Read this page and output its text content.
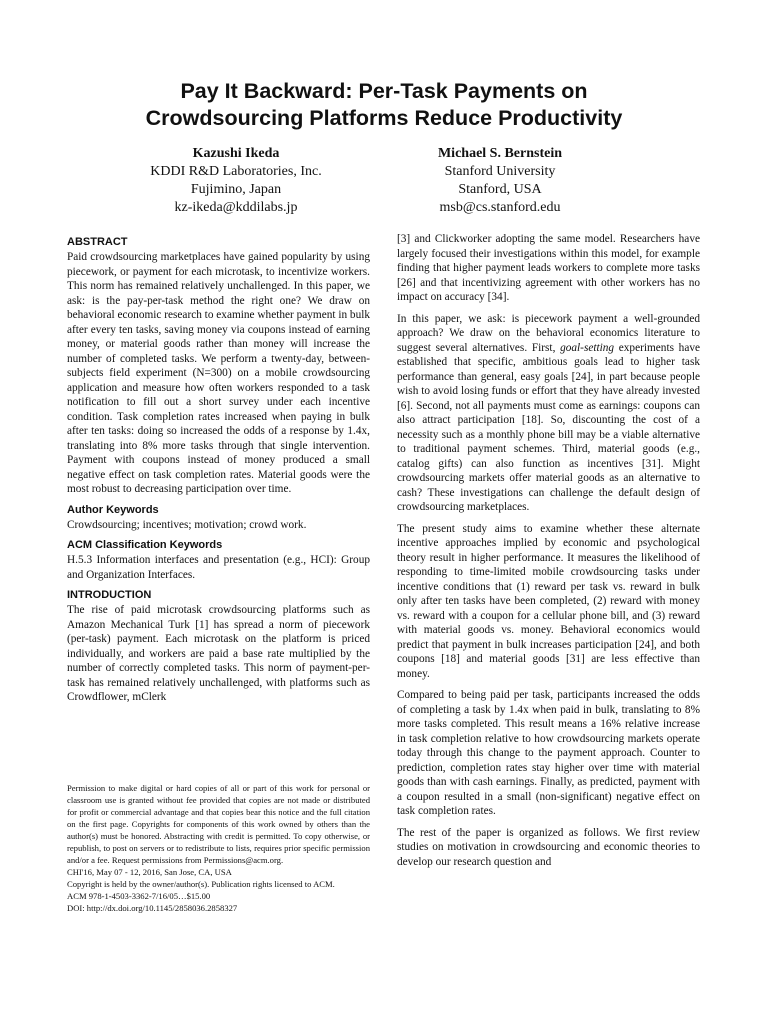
Pay It Backward: Per-Task Payments on
Crowdsourcing Platforms Reduce Productivity
Kazushi Ikeda
KDDI R&D Laboratories, Inc.
Fujimino, Japan
kz-ikeda@kddilabs.jp
Michael S. Bernstein
Stanford University
Stanford, USA
msb@cs.stanford.edu
ABSTRACT

Paid crowdsourcing marketplaces have gained popularity by using piecework, or payment for each microtask, to incentivize workers. This norm has remained relatively unchallenged. In this paper, we ask: is the pay-per-task method the right one? We draw on behavioral economic research to examine whether payment in bulk after every ten tasks, saving money via coupons instead of earning money, or material goods rather than money will increase the number of completed tasks. We perform a twenty-day, between-subjects field experiment (N=300) on a mobile crowdsourcing application and measure how often workers responded to a task notification to fill out a short survey under each incentive condition. Task completion rates increased when paying in bulk after ten tasks: doing so increased the odds of a response by 1.4x, translating into 8% more tasks through that single intervention. Payment with coupons instead of money produced a small negative effect on task completion rates. Material goods were the most robust to decreasing participation over time.

Author Keywords

Crowdsourcing; incentives; motivation; crowd work.

ACM Classification Keywords

H.5.3 Information interfaces and presentation (e.g., HCI): Group and Organization Interfaces.

INTRODUCTION

The rise of paid microtask crowdsourcing platforms such as Amazon Mechanical Turk [1] has spread a norm of piecework (per-task) payment. Each microtask on the platform is priced individually, and workers are paid a base rate multiplied by the number of correctly completed tasks. This norm of payment-per-task has remained relatively unchallenged, with platforms such as Crowdflower, mClerk

Permission to make digital or hard copies of all or part of this work for personal or classroom use is granted without fee provided that copies are not made or distributed for profit or commercial advantage and that copies bear this notice and the full citation on the first page. Copyrights for components of this work owned by others than the author(s) must be honored. Abstracting with credit is permitted. To copy otherwise, or republish, to post on servers or to redistribute to lists, requires prior specific permission and/or a fee. Request permissions from Permissions@acm.org.

CHI'16, May 07 - 12, 2016, San Jose, CA, USA

Copyright is held by the owner/author(s). Publication rights licensed to ACM.

ACM 978-1-4503-3362-7/16/05…$15.00

DOI: http://dx.doi.org/10.1145/2858036.2858327

[3] and Clickworker adopting the same model. Researchers have largely focused their investigations within this model, for example finding that higher payment leads workers to complete more tasks [26] and that incentivizing agreement with other workers has no impact on accuracy [34].

In this paper, we ask: is piecework payment a well-grounded approach? We draw on the behavioral economics literature to suggest several alternatives. First, goal-setting experiments have established that specific, ambitious goals lead to higher task performance than general, easy goals [24], in part because people wish to avoid losing funds or effort that they have already invested [6]. Second, not all payments must come as earnings: coupons can also attract participation [18]. So, discounting the cost of a necessity such as a monthly phone bill may be a viable alternative to traditional payment schemes. Third, material goods (e.g., catalog gifts) can also function as incentives [31]. Might crowdsourcing markets offer material goods as an alternative to cash? These investigations can challenge the default design of crowdsourcing marketplaces.

The present study aims to examine whether these alternate incentive approaches implied by economic and psychological theory result in higher performance. It measures the likelihood of responding to time-limited mobile crowdsourcing tasks under incentive conditions that (1) reward per task vs. reward in bulk only after ten tasks have been completed, (2) reward with money vs. reward with a coupon for a cellular phone bill, and (3) reward with material goods vs. money. Behavioral economics would predict that payment in bulk increases participation [24], and both coupons [18] and material goods [31] are less effective than money.

Compared to being paid per task, participants increased the odds of completing a task by 1.4x when paid in bulk, translating to 8% more tasks completed. This result means a 16% relative increase in task completion relative to how crowdsourcing markets operate today through this change to the payment approach. Counter to prediction, completion rates stay higher over time with material goods than with cash earnings. Finally, as predicted, payment with a coupon resulted in a small (non-significant) negative effect on task completion rates.

The rest of the paper is organized as follows. We first review studies on motivation in crowdsourcing and economic theories to develop our research question and
